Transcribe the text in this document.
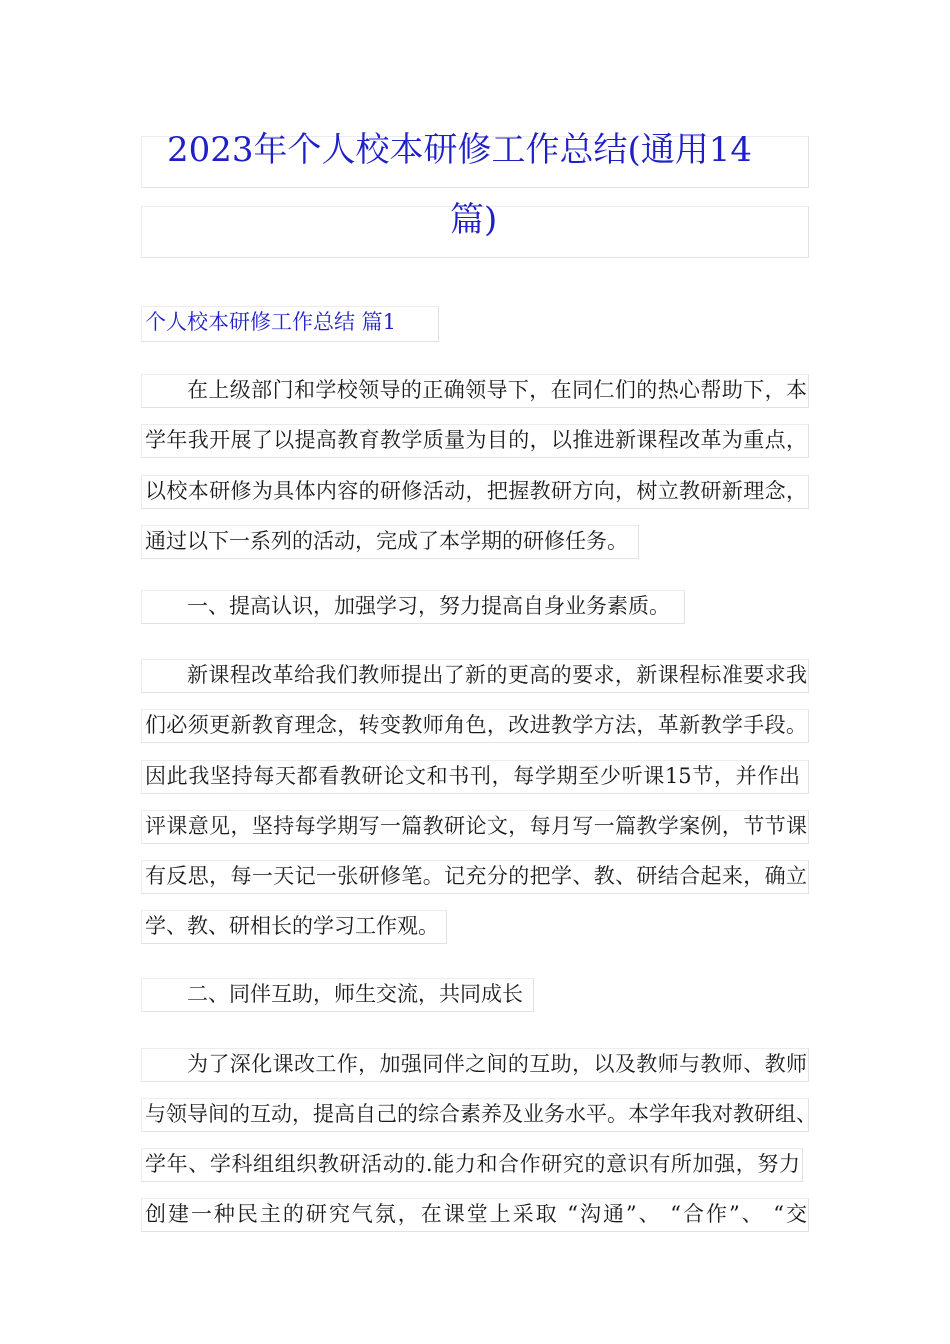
2023年个人校本研修工作总结(通用14
篇)
个人校本研修工作总结 篇1
在上级部门和学校领导的正确领导下，在同仁们的热心帮助下，本
学年我开展了以提高教育教学质量为目的，以推进新课程改革为重点，
以校本研修为具体内容的研修活动，把握教研方向，树立教研新理念，
通过以下一系列的活动，完成了本学期的研修任务。
一、提高认识，加强学习，努力提高自身业务素质。
新课程改革给我们教师提出了新的更高的要求，新课程标准要求我
们必须更新教育理念，转变教师角色，改进教学方法，革新教学手段。
因此我坚持每天都看教研论文和书刊，每学期至少听课15节，并作出
评课意见，坚持每学期写一篇教研论文，每月写一篇教学案例，节节课
有反思，每一天记一张研修笔。记充分的把学、教、研结合起来，确立
学、教、研相长的学习工作观。
二、同伴互助，师生交流，共同成长
为了深化课改工作，加强同伴之间的互助，以及教师与教师、教师
与领导间的互动，提高自己的综合素养及业务水平。本学年我对教研组、
学年、学科组组织教研活动的.能力和合作研究的意识有所加强，努力
创建一种民主的研究气氛，在课堂上采取 “沟通”、 “合作”、 “交
